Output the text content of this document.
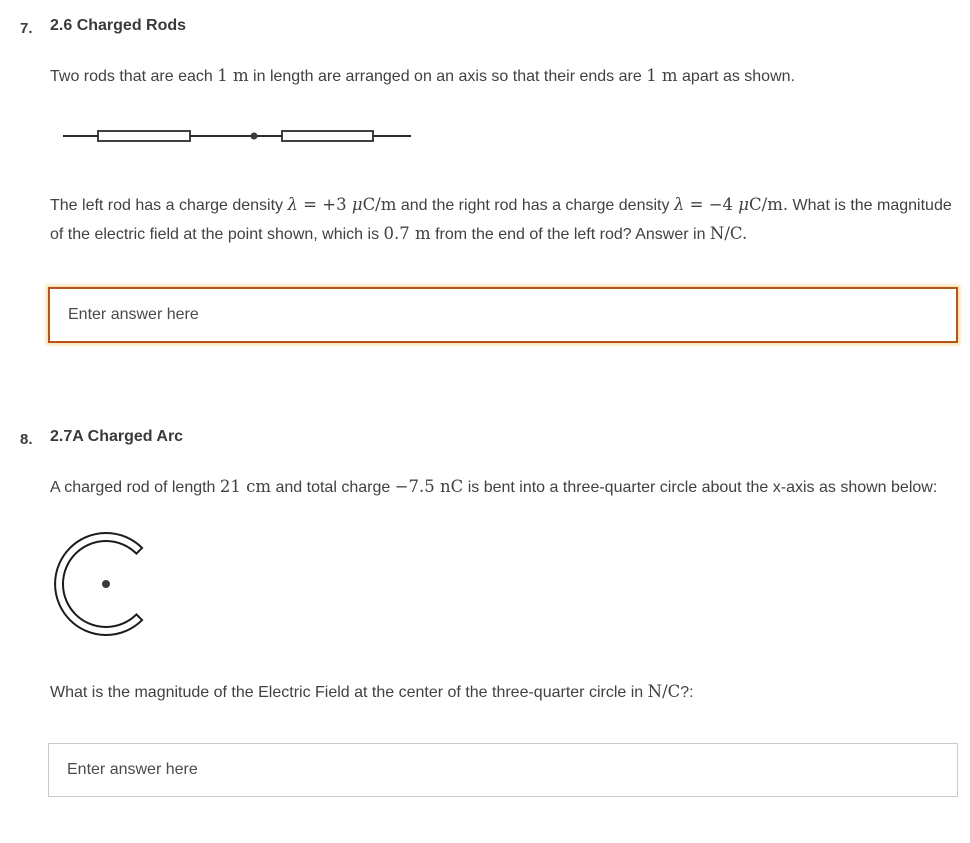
7.	2.6 Charged Rods
Two rods that are each 1 m in length are arranged on an axis so that their ends are 1 m apart as shown.
The left rod has a charge density λ = +3 μC/m and the right rod has a charge density λ = −4 μC/m. What is the magnitude of the electric field at the point shown, which is 0.7 m from the end of the left rod? Answer in N/C.
Enter answer here
8.	2.7A Charged Arc
A charged rod of length 21 cm and total charge −7.5 nC is bent into a three-quarter circle about the x-axis as shown below:
What is the magnitude of the Electric Field at the center of the three-quarter circle in N/C?:
Enter answer here
